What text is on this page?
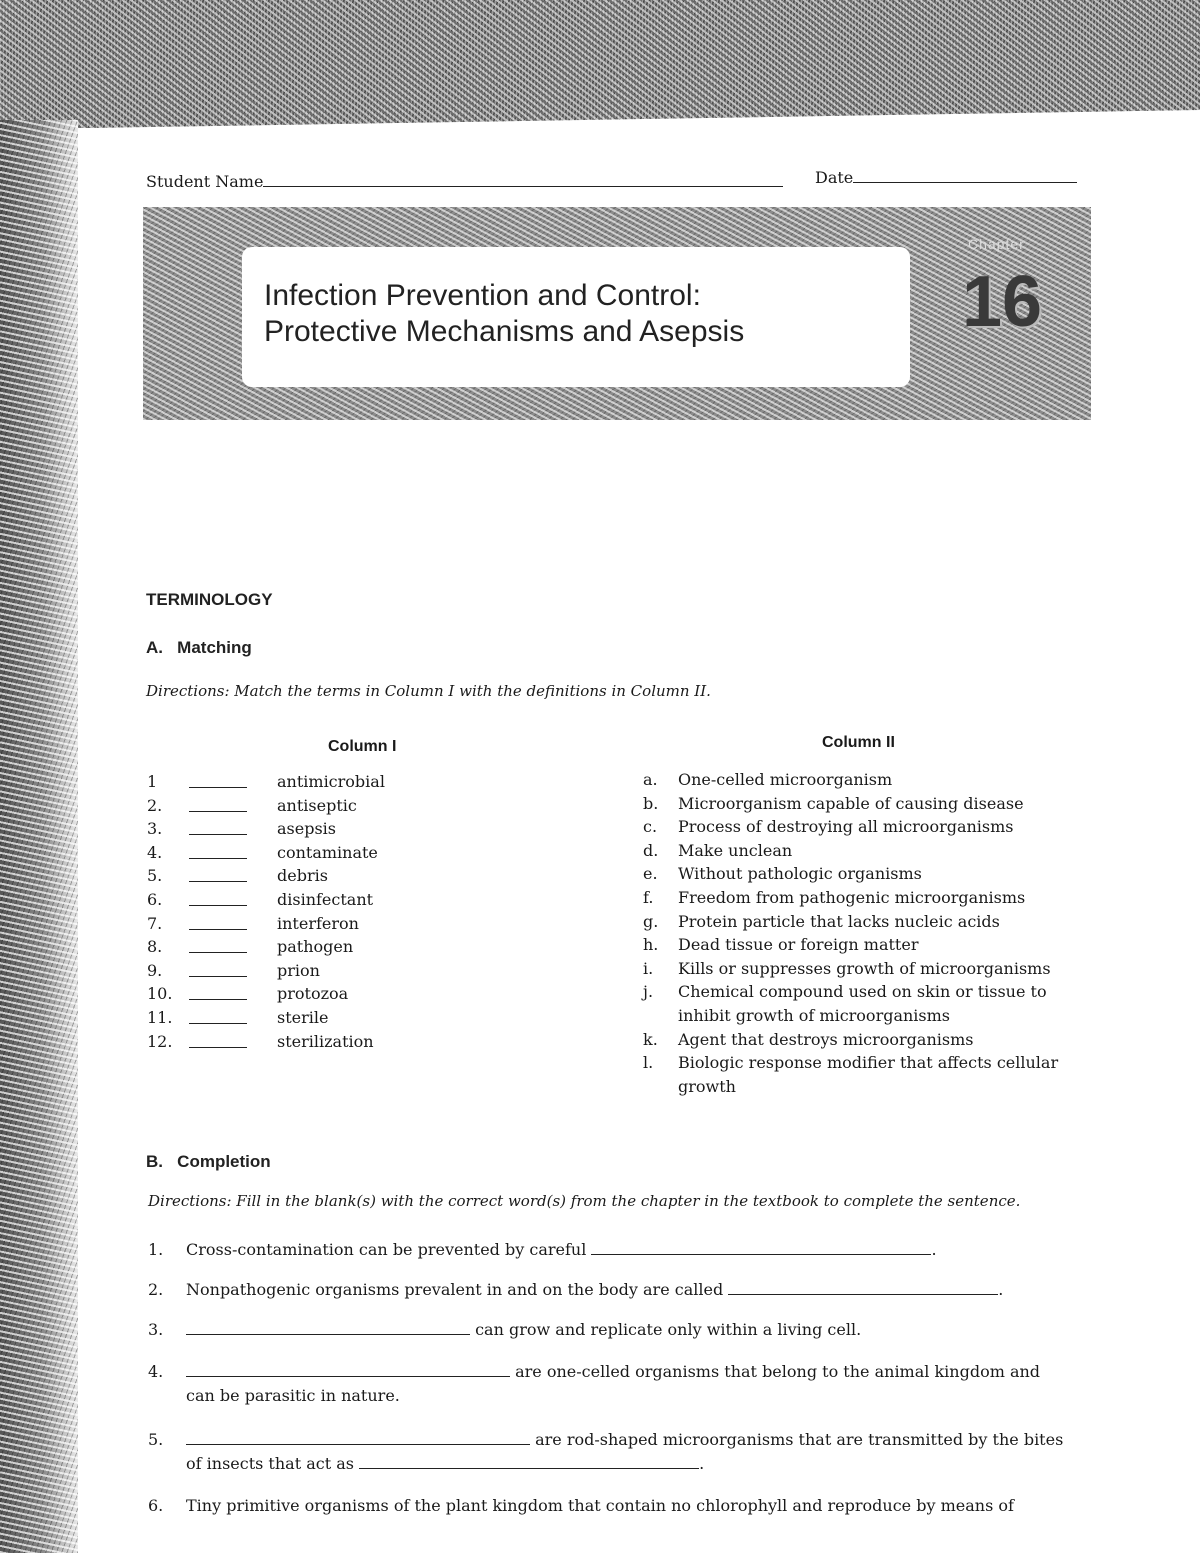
Student Name	Date
Infection Prevention and Control:
Protective Mechanisms and Asepsis
Chapter
16
TERMINOLOGY
A. Matching
Directions: Match the terms in Column I with the definitions in Column II.
Column I	Column II
1	antimicrobial
2.	antiseptic
3.	asepsis
4.	contaminate
5.	debris
6.	disinfectant
7.	interferon
8.	pathogen
9.	prion
10.	protozoa
11.	sterile
12.	sterilization
a. One-celled microorganism
b. Microorganism capable of causing disease
c. Process of destroying all microorganisms
d. Make unclean
e. Without pathologic organisms
f. Freedom from pathogenic microorganisms
g. Protein particle that lacks nucleic acids
h. Dead tissue or foreign matter
i. Kills or suppresses growth of microorganisms
j. Chemical compound used on skin or tissue to inhibit growth of microorganisms
k. Agent that destroys microorganisms
l. Biologic response modifier that affects cellular growth
B. Completion
Directions: Fill in the blank(s) with the correct word(s) from the chapter in the textbook to complete the sentence.
1. Cross-contamination can be prevented by careful	.
2. Nonpathogenic organisms prevalent in and on the body are called	.
3.	can grow and replicate only within a living cell.
4.	are one-celled organisms that belong to the animal kingdom and can be parasitic in nature.
5.	are rod-shaped microorganisms that are transmitted by the bites
of insects that act as	.
6. Tiny primitive organisms of the plant kingdom that contain no chlorophyll and reproduce by means of
